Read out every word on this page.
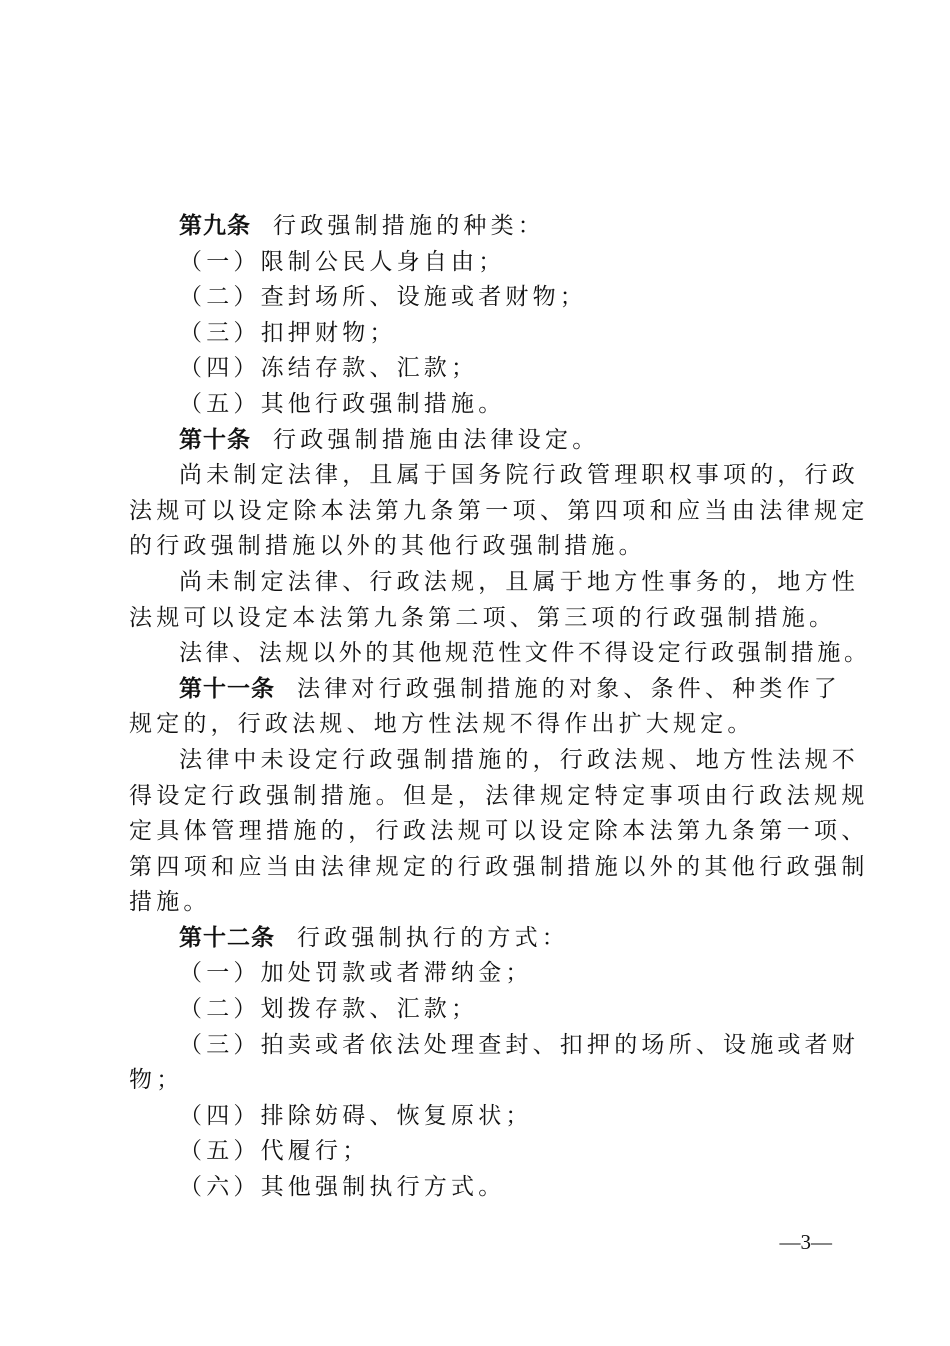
第九条 行政强制措施的种类：
（一）限制公民人身自由；
（二）查封场所、设施或者财物；
（三）扣押财物；
（四）冻结存款、汇款；
（五）其他行政强制措施。
第十条 行政强制措施由法律设定。
尚未制定法律，且属于国务院行政管理职权事项的，行政
法规可以设定除本法第九条第一项、第四项和应当由法律规定
的行政强制措施以外的其他行政强制措施。
尚未制定法律、行政法规，且属于地方性事务的，地方性
法规可以设定本法第九条第二项、第三项的行政强制措施。
法律、法规以外的其他规范性文件不得设定行政强制措施。
第十一条 法律对行政强制措施的对象、条件、种类作了
规定的，行政法规、地方性法规不得作出扩大规定。
法律中未设定行政强制措施的，行政法规、地方性法规不
得设定行政强制措施。但是，法律规定特定事项由行政法规规
定具体管理措施的，行政法规可以设定除本法第九条第一项、
第四项和应当由法律规定的行政强制措施以外的其他行政强制
措施。
第十二条 行政强制执行的方式：
（一）加处罚款或者滞纳金；
（二）划拨存款、汇款；
（三）拍卖或者依法处理查封、扣押的场所、设施或者财
物；
（四）排除妨碍、恢复原状；
（五）代履行；
（六）其他强制执行方式。
—3—
